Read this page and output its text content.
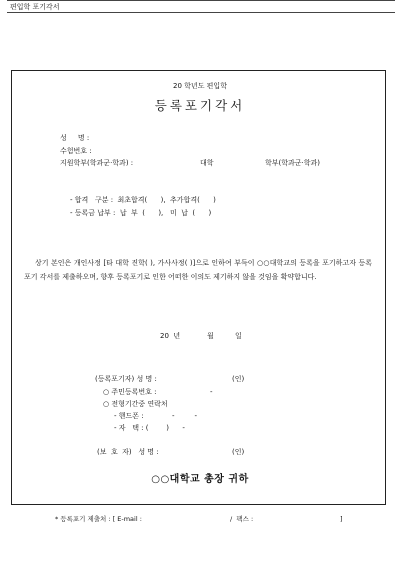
편입학 포기각서
20 학년도 편입학
등록포기각서
성     명 :
수험번호 :
지원학부(학과군·학과) :	대학	학부(학과군·학과)
- 합격   구분 :  최초합격(      ),  추가합격(      )
- 등록금 납부 :  납  부  (      ),   미  납  (      )
상기 본인은 개인사정 [타 대학 진학( ), 가사사정( )]으로 인하여 부득이 ○○대학교의 등록을 포기하고자 등록포기 각서를 제출하오며, 향후 등록포기로 인한 어떠한 이의도 제기하지 않을 것임을 확약합니다.
20  년	월	일
(등록포기자) 성 명 :	(인)
○ 주민등록번호 :	-
○ 전형기간중 연락처
- 핸드폰 :	-         -
- 자   택 : (        )      -
(보  호  자)   성 명 :	(인)
○○대학교 총장 귀하
* 등록포기 제출처 : [ E-mail :	/  팩스 :	]
